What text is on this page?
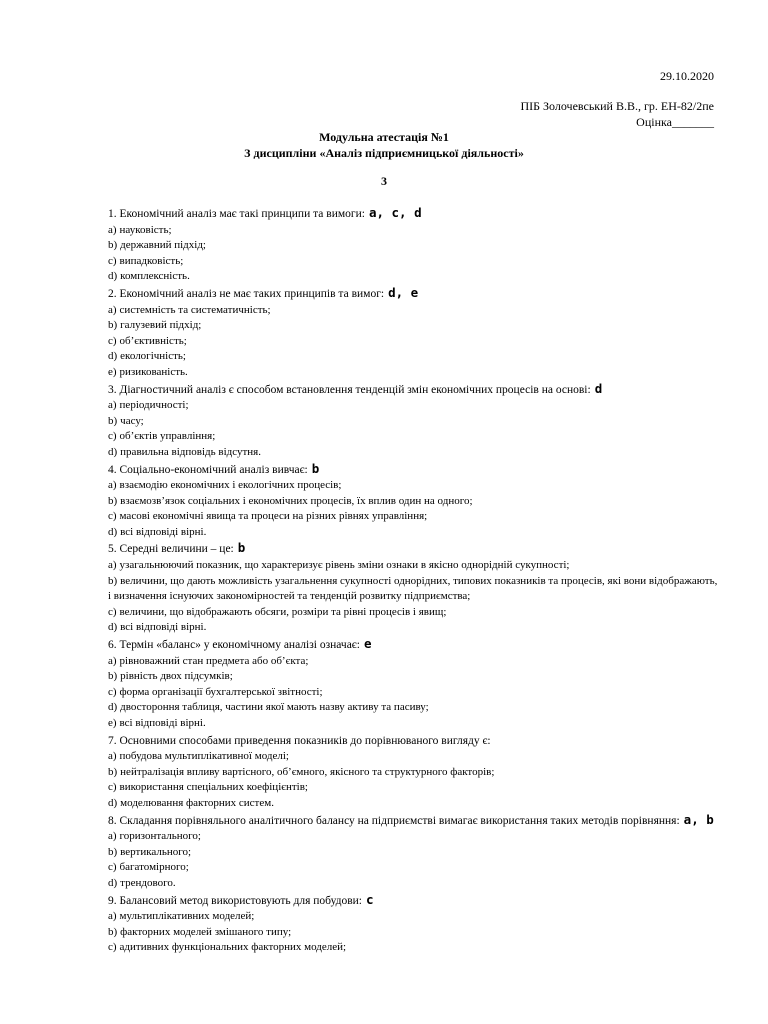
29.10.2020
ПІБ Золочевський В.В., гр. ЕН-82/2пе
Оцінка_______
Модульна атестація №1
З дисципліни «Аналіз підприємницької діяльності»
3
1. Економічний аналіз має такі принципи та вимоги: a, c, d
a) науковість;
b) державний підхід;
c) випадковість;
d) комплексність.
2. Економічний аналіз не має таких принципів та вимог: d, e
a) системність та систематичність;
b) галузевий підхід;
c) об’єктивність;
d) екологічність;
e) ризикованість.
3. Діагностичний аналіз є способом встановлення тенденцій змін економічних процесів на основі: d
a) періодичності;
b) часу;
c) об’єктів управління;
d) правильна відповідь відсутня.
4. Соціально-економічний аналіз вивчає: b
a) взаємодію економічних і екологічних процесів;
b) взаємозв’язок соціальних і економічних процесів, їх вплив один на одного;
c) масові економічні явища та процеси на різних рівнях управління;
d) всі відповіді вірні.
5. Середні величини – це: b
a) узагальнюючий показник, що характеризує рівень зміни ознаки в якісно однорідній сукупності;
b) величини, що дають можливість узагальнення сукупності однорідних, типових показників та процесів, які вони відображають, і визначення існуючих закономірностей та тенденцій розвитку підприємства;
c) величини, що відображають обсяги, розміри та рівні процесів і явищ;
d) всі відповіді вірні.
6. Термін «баланс» у економічному аналізі означає: e
a) рівноважний стан предмета або об’єкта;
b) рівність двох підсумків;
c) форма організації бухгалтерської звітності;
d) двостороння таблиця, частини якої мають назву активу та пасиву;
e) всі відповіді вірні.
7. Основними способами приведення показників до порівнюваного вигляду є:
a) побудова мультиплікативної моделі;
b) нейтралізація впливу вартісного, об’ємного, якісного та структурного факторів;
c) використання спеціальних коефіцієнтів;
d) моделювання факторних систем.
8. Складання порівняльного аналітичного балансу на підприємстві вимагає використання таких методів порівняння: a, b
a) горизонтального;
b) вертикального;
c) багатомірного;
d) трендового.
9. Балансовий метод використовують для побудови: c
a) мультиплікативних моделей;
b) факторних моделей змішаного типу;
c) адитивних функціональних факторних моделей;
